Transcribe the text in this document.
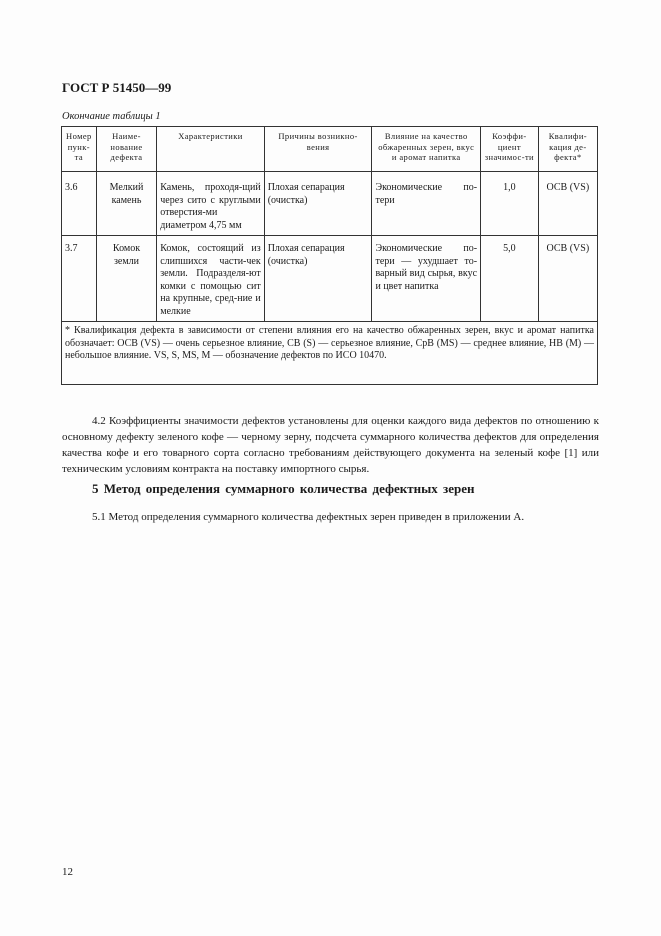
ГОСТ Р 51450—99
Окончание таблицы 1
Номер пунк-та	Наиме-нование дефекта	Характеристики	Причины возникно-вения	Влияние на качество обжаренных зерен, вкус и аромат напитка	Коэффи-циент значимос-ти	Квалифи-кация де-фекта*
3.6	Мелкий камень	Камень, проходя-щий через сито с круглыми отверстия-ми диаметром 4,75 мм	Плохая сепарация (очистка)	Экономические по-тери	1,0	ОСВ (VS)
3.7	Комок земли	Комок, состоящий из слипшихся части-чек земли. Подразделя-ют комки с помощью сит на крупные, сред-ние и мелкие	Плохая сепарация (очистка)	Экономические по-тери — ухудшает то-варный вид сырья, вкус и цвет напитка	5,0	ОСВ (VS)
* Квалификация дефекта в зависимости от степени влияния его на качество обжаренных зерен, вкус и аромат напитка обозначает: ОСВ (VS) — очень серьезное влияние, СВ (S) — серьезное влияние, СрВ (MS) — среднее влияние, НВ (М) — небольшое влияние. VS, S, MS, М — обозначение дефектов по ИСО 10470.						
4.2 Коэффициенты значимости дефектов установлены для оценки каждого вида дефектов по отношению к основному дефекту зеленого кофе — черному зерну, подсчета суммарного количества дефектов для определения качества кофе и его товарного сорта согласно требованиям действующего документа на зеленый кофе [1] или техническим условиям контракта на поставку импортного сырья.
5 Метод определения суммарного количества дефектных зерен
5.1 Метод определения суммарного количества дефектных зерен приведен в приложении А.
12
